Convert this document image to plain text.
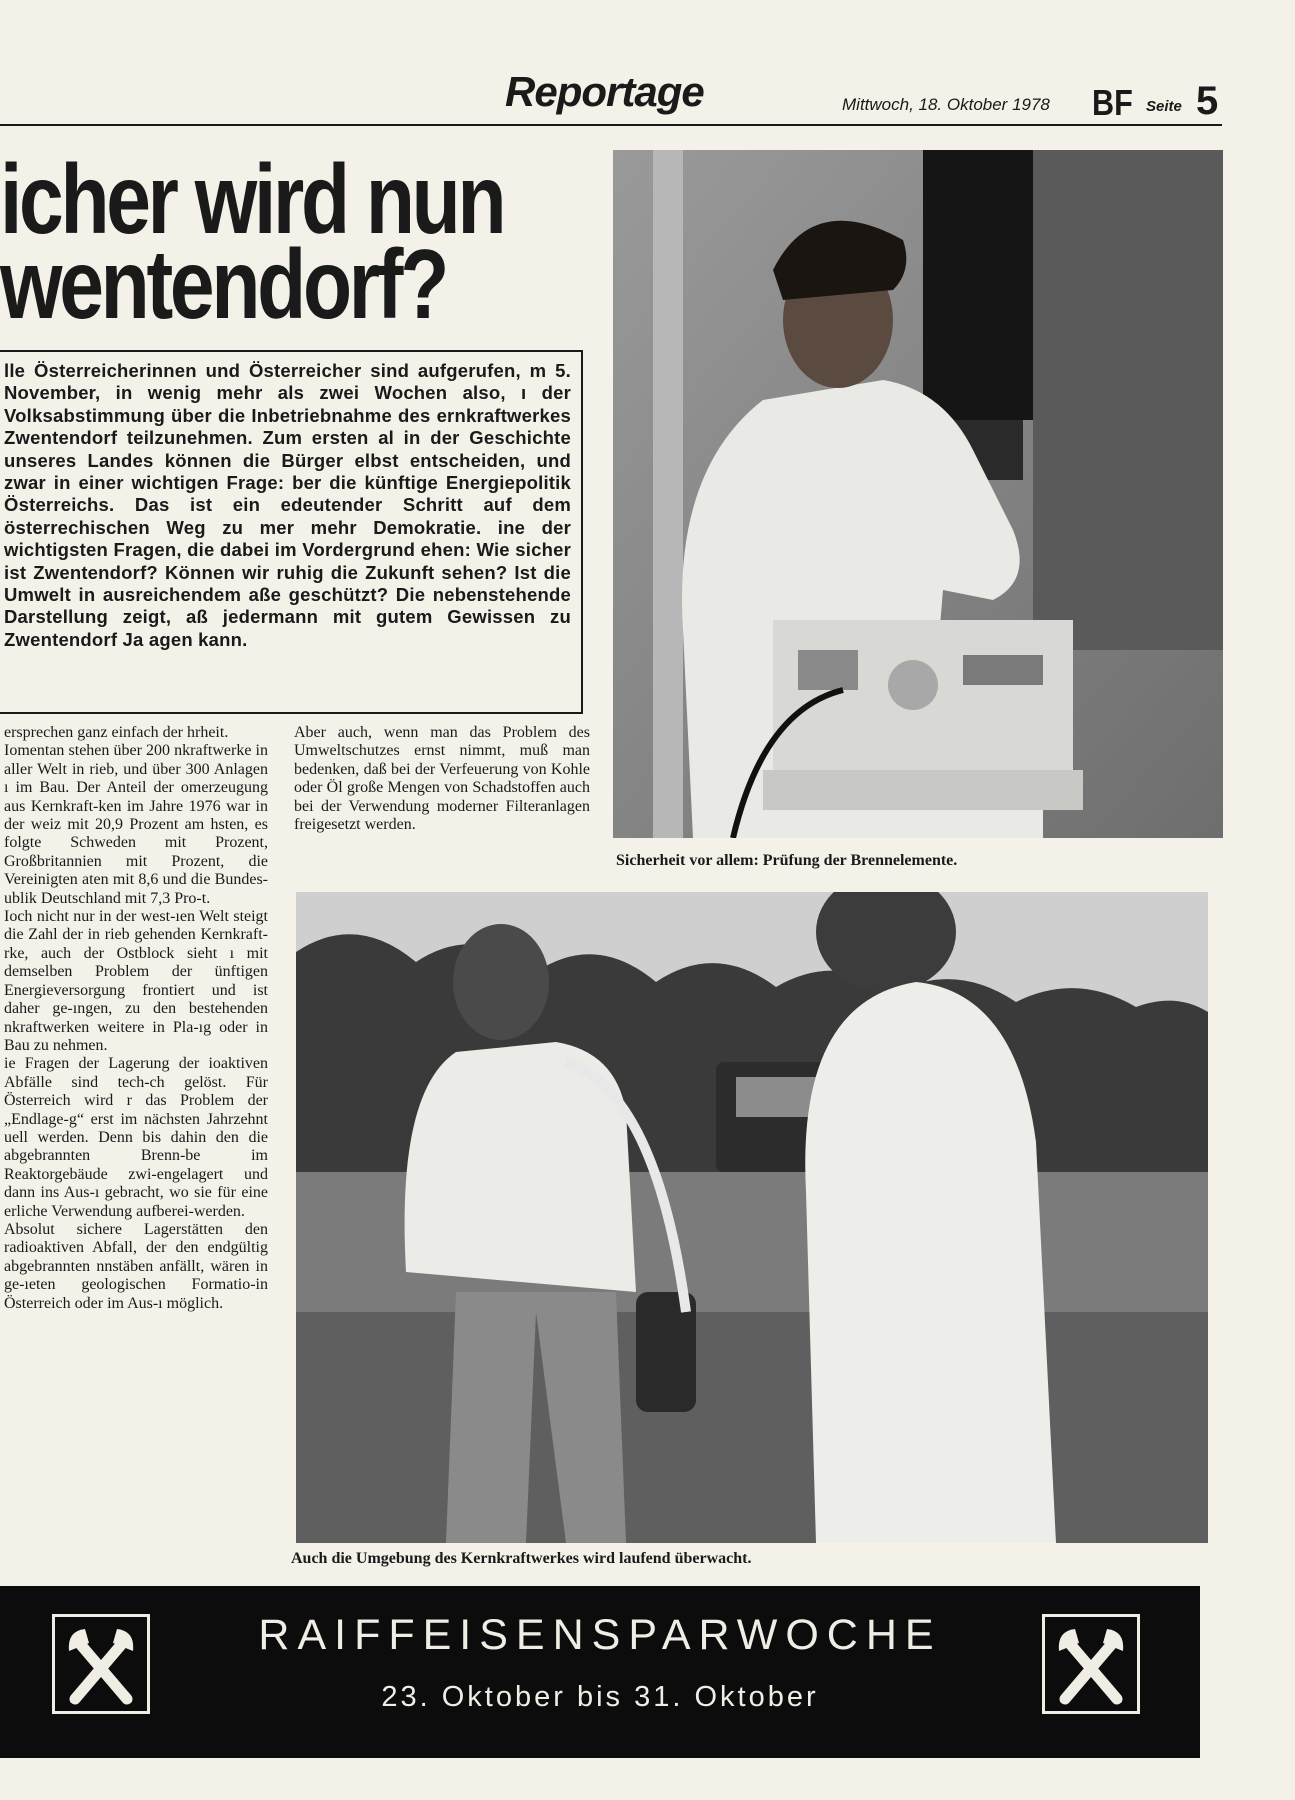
Reportage	Mittwoch, 18. Oktober 1978 BF Seite 5
icher wird nun
wentendorf?

lle Österreicherinnen und Österreicher sind aufgerufen, m 5. November, in wenig mehr als zwei Wochen also, ı der Volksabstimmung über die Inbetriebnahme des ernkraftwerkes Zwentendorf teilzunehmen. Zum ersten al in der Geschichte unseres Landes können die Bürger elbst entscheiden, und zwar in einer wichtigen Frage: ber die künftige Energiepolitik Österreichs. Das ist ein edeutender Schritt auf dem österrechischen Weg zu mer mehr Demokratie. ine der wichtigsten Fragen, die dabei im Vordergrund ehen: Wie sicher ist Zwentendorf? Können wir ruhig die Zukunft sehen? Ist die Umwelt in ausreichendem aße geschützt? Die nebenstehende Darstellung zeigt, aß jedermann mit gutem Gewissen zu Zwentendorf Ja agen kann.

ersprechen ganz einfach der hrheit.

Iomentan stehen über 200 nkraftwerke in aller Welt in rieb, und über 300 Anlagen ı im Bau. Der Anteil der omerzeugung aus Kernkraft-ken im Jahre 1976 war in der weiz mit 20,9 Prozent am hsten, es folgte Schweden mit Prozent, Großbritannien mit Prozent, die Vereinigten aten mit 8,6 und die Bundes-ublik Deutschland mit 7,3 Pro-t.

Ioch nicht nur in der west-ıen Welt steigt die Zahl der in rieb gehenden Kernkraft-rke, auch der Ostblock sieht ı mit demselben Problem der ünftigen Energieversorgung frontiert und ist daher ge-ıngen, zu den bestehenden nkraftwerken weitere in Pla-ıg oder in Bau zu nehmen.

ie Fragen der Lagerung der ioaktiven Abfälle sind tech-ch gelöst. Für Österreich wird r das Problem der „Endlage-g“ erst im nächsten Jahrzehnt uell werden. Denn bis dahin den die abgebrannten Brenn-be im Reaktorgebäude zwi-engelagert und dann ins Aus-ı gebracht, wo sie für eine erliche Verwendung aufberei-werden.

Absolut sichere Lagerstätten den radioaktiven Abfall, der den endgültig abgebrannten nnstäben anfällt, wären in ge-ıeten geologischen Formatio-in Österreich oder im Aus-ı möglich.

Aber auch, wenn man das Problem des Umweltschutzes ernst nimmt, muß man bedenken, daß bei der Verfeuerung von Kohle oder Öl große Mengen von Schadstoffen auch bei der Verwendung moderner Filteranlagen freigesetzt werden.

Sicherheit vor allem: Prüfung der Brennelemente.
Auch die Umgebung des Kernkraftwerkes wird laufend überwacht.
RAIFFEISENSPARWOCHE
23. Oktober bis 31. Oktober
